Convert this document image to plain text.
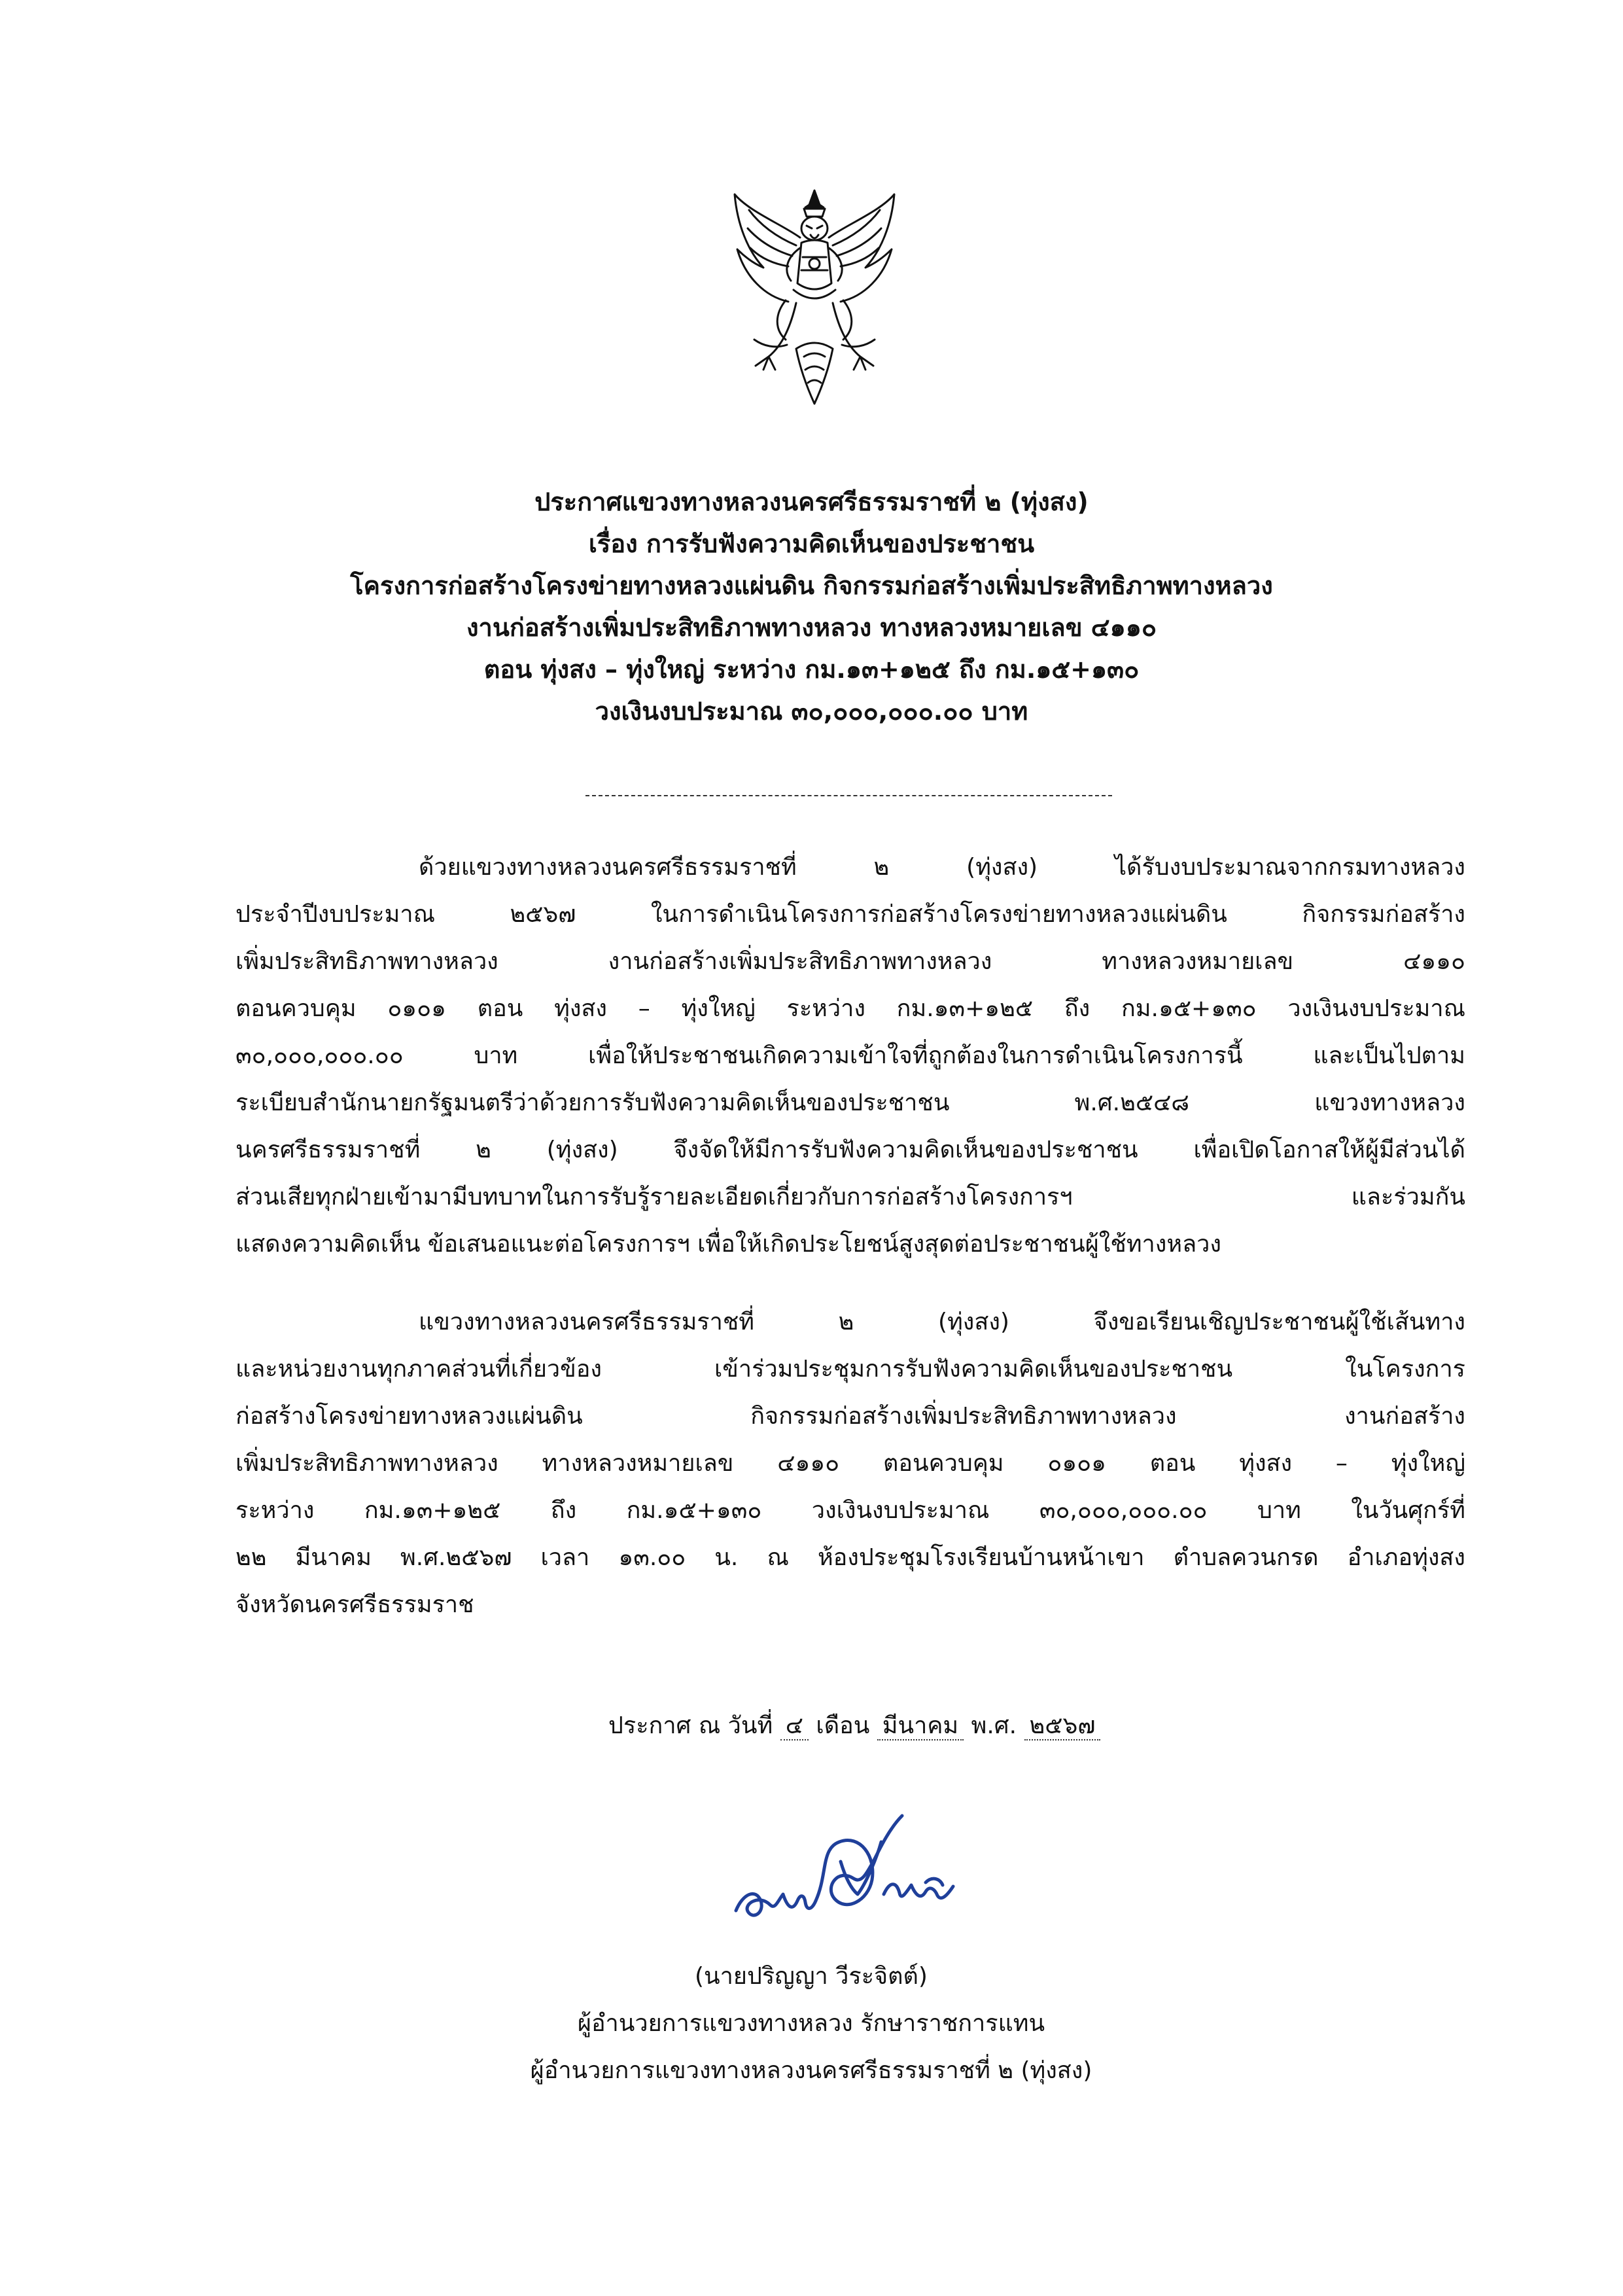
ประกาศแขวงทางหลวงนครศรีธรรมราชที่ ๒ (ทุ่งสง)
เรื่อง การรับฟังความคิดเห็นของประชาชน
โครงการก่อสร้างโครงข่ายทางหลวงแผ่นดิน กิจกรรมก่อสร้างเพิ่มประสิทธิภาพทางหลวง
งานก่อสร้างเพิ่มประสิทธิภาพทางหลวง ทางหลวงหมายเลข ๔๑๑๐
ตอน ทุ่งสง – ทุ่งใหญ่ ระหว่าง กม.๑๓+๑๒๕ ถึง กม.๑๕+๑๓๐
วงเงินงบประมาณ ๓๐,๐๐๐,๐๐๐.๐๐ บาท
ด้วยแขวงทางหลวงนครศรีธรรมราชที่ ๒ (ทุ่งสง) ได้รับงบประมาณจากกรมทางหลวง
ประจำปีงบประมาณ ๒๕๖๗ ในการดำเนินโครงการก่อสร้างโครงข่ายทางหลวงแผ่นดิน กิจกรรมก่อสร้าง
เพิ่มประสิทธิภาพทางหลวง งานก่อสร้างเพิ่มประสิทธิภาพทางหลวง ทางหลวงหมายเลข ๔๑๑๐
ตอนควบคุม ๐๑๐๑ ตอน ทุ่งสง – ทุ่งใหญ่ ระหว่าง กม.๑๓+๑๒๕ ถึง กม.๑๕+๑๓๐ วงเงินงบประมาณ
๓๐,๐๐๐,๐๐๐.๐๐ บาท เพื่อให้ประชาชนเกิดความเข้าใจที่ถูกต้องในการดำเนินโครงการนี้ และเป็นไปตาม
ระเบียบสำนักนายกรัฐมนตรีว่าด้วยการรับฟังความคิดเห็นของประชาชน พ.ศ.๒๕๔๘ แขวงทางหลวง
นครศรีธรรมราชที่ ๒ (ทุ่งสง) จึงจัดให้มีการรับฟังความคิดเห็นของประชาชน เพื่อเปิดโอกาสให้ผู้มีส่วนได้
ส่วนเสียทุกฝ่ายเข้ามามีบทบาทในการรับรู้รายละเอียดเกี่ยวกับการก่อสร้างโครงการฯ และร่วมกัน
แสดงความคิดเห็น ข้อเสนอแนะต่อโครงการฯ เพื่อให้เกิดประโยชน์สูงสุดต่อประชาชนผู้ใช้ทางหลวง
แขวงทางหลวงนครศรีธรรมราชที่ ๒ (ทุ่งสง) จึงขอเรียนเชิญประชาชนผู้ใช้เส้นทาง
และหน่วยงานทุกภาคส่วนที่เกี่ยวข้อง เข้าร่วมประชุมการรับฟังความคิดเห็นของประชาชน ในโครงการ
ก่อสร้างโครงข่ายทางหลวงแผ่นดิน กิจกรรมก่อสร้างเพิ่มประสิทธิภาพทางหลวง งานก่อสร้าง
เพิ่มประสิทธิภาพทางหลวง ทางหลวงหมายเลข ๔๑๑๐ ตอนควบคุม ๐๑๐๑ ตอน ทุ่งสง – ทุ่งใหญ่
ระหว่าง กม.๑๓+๑๒๕ ถึง กม.๑๕+๑๓๐ วงเงินงบประมาณ ๓๐,๐๐๐,๐๐๐.๐๐ บาท ในวันศุกร์ที่
๒๒ มีนาคม พ.ศ.๒๕๖๗ เวลา ๑๓.๐๐ น. ณ ห้องประชุมโรงเรียนบ้านหน้าเขา ตำบลควนกรด อำเภอทุ่งสง
จังหวัดนครศรีธรรมราช
ประกาศ ณ วันที่ ๔ เดือน มีนาคม พ.ศ. ๒๕๖๗
(นายปริญญา วีระจิตต์)
ผู้อำนวยการแขวงทางหลวง รักษาราชการแทน
ผู้อำนวยการแขวงทางหลวงนครศรีธรรมราชที่ ๒ (ทุ่งสง)
